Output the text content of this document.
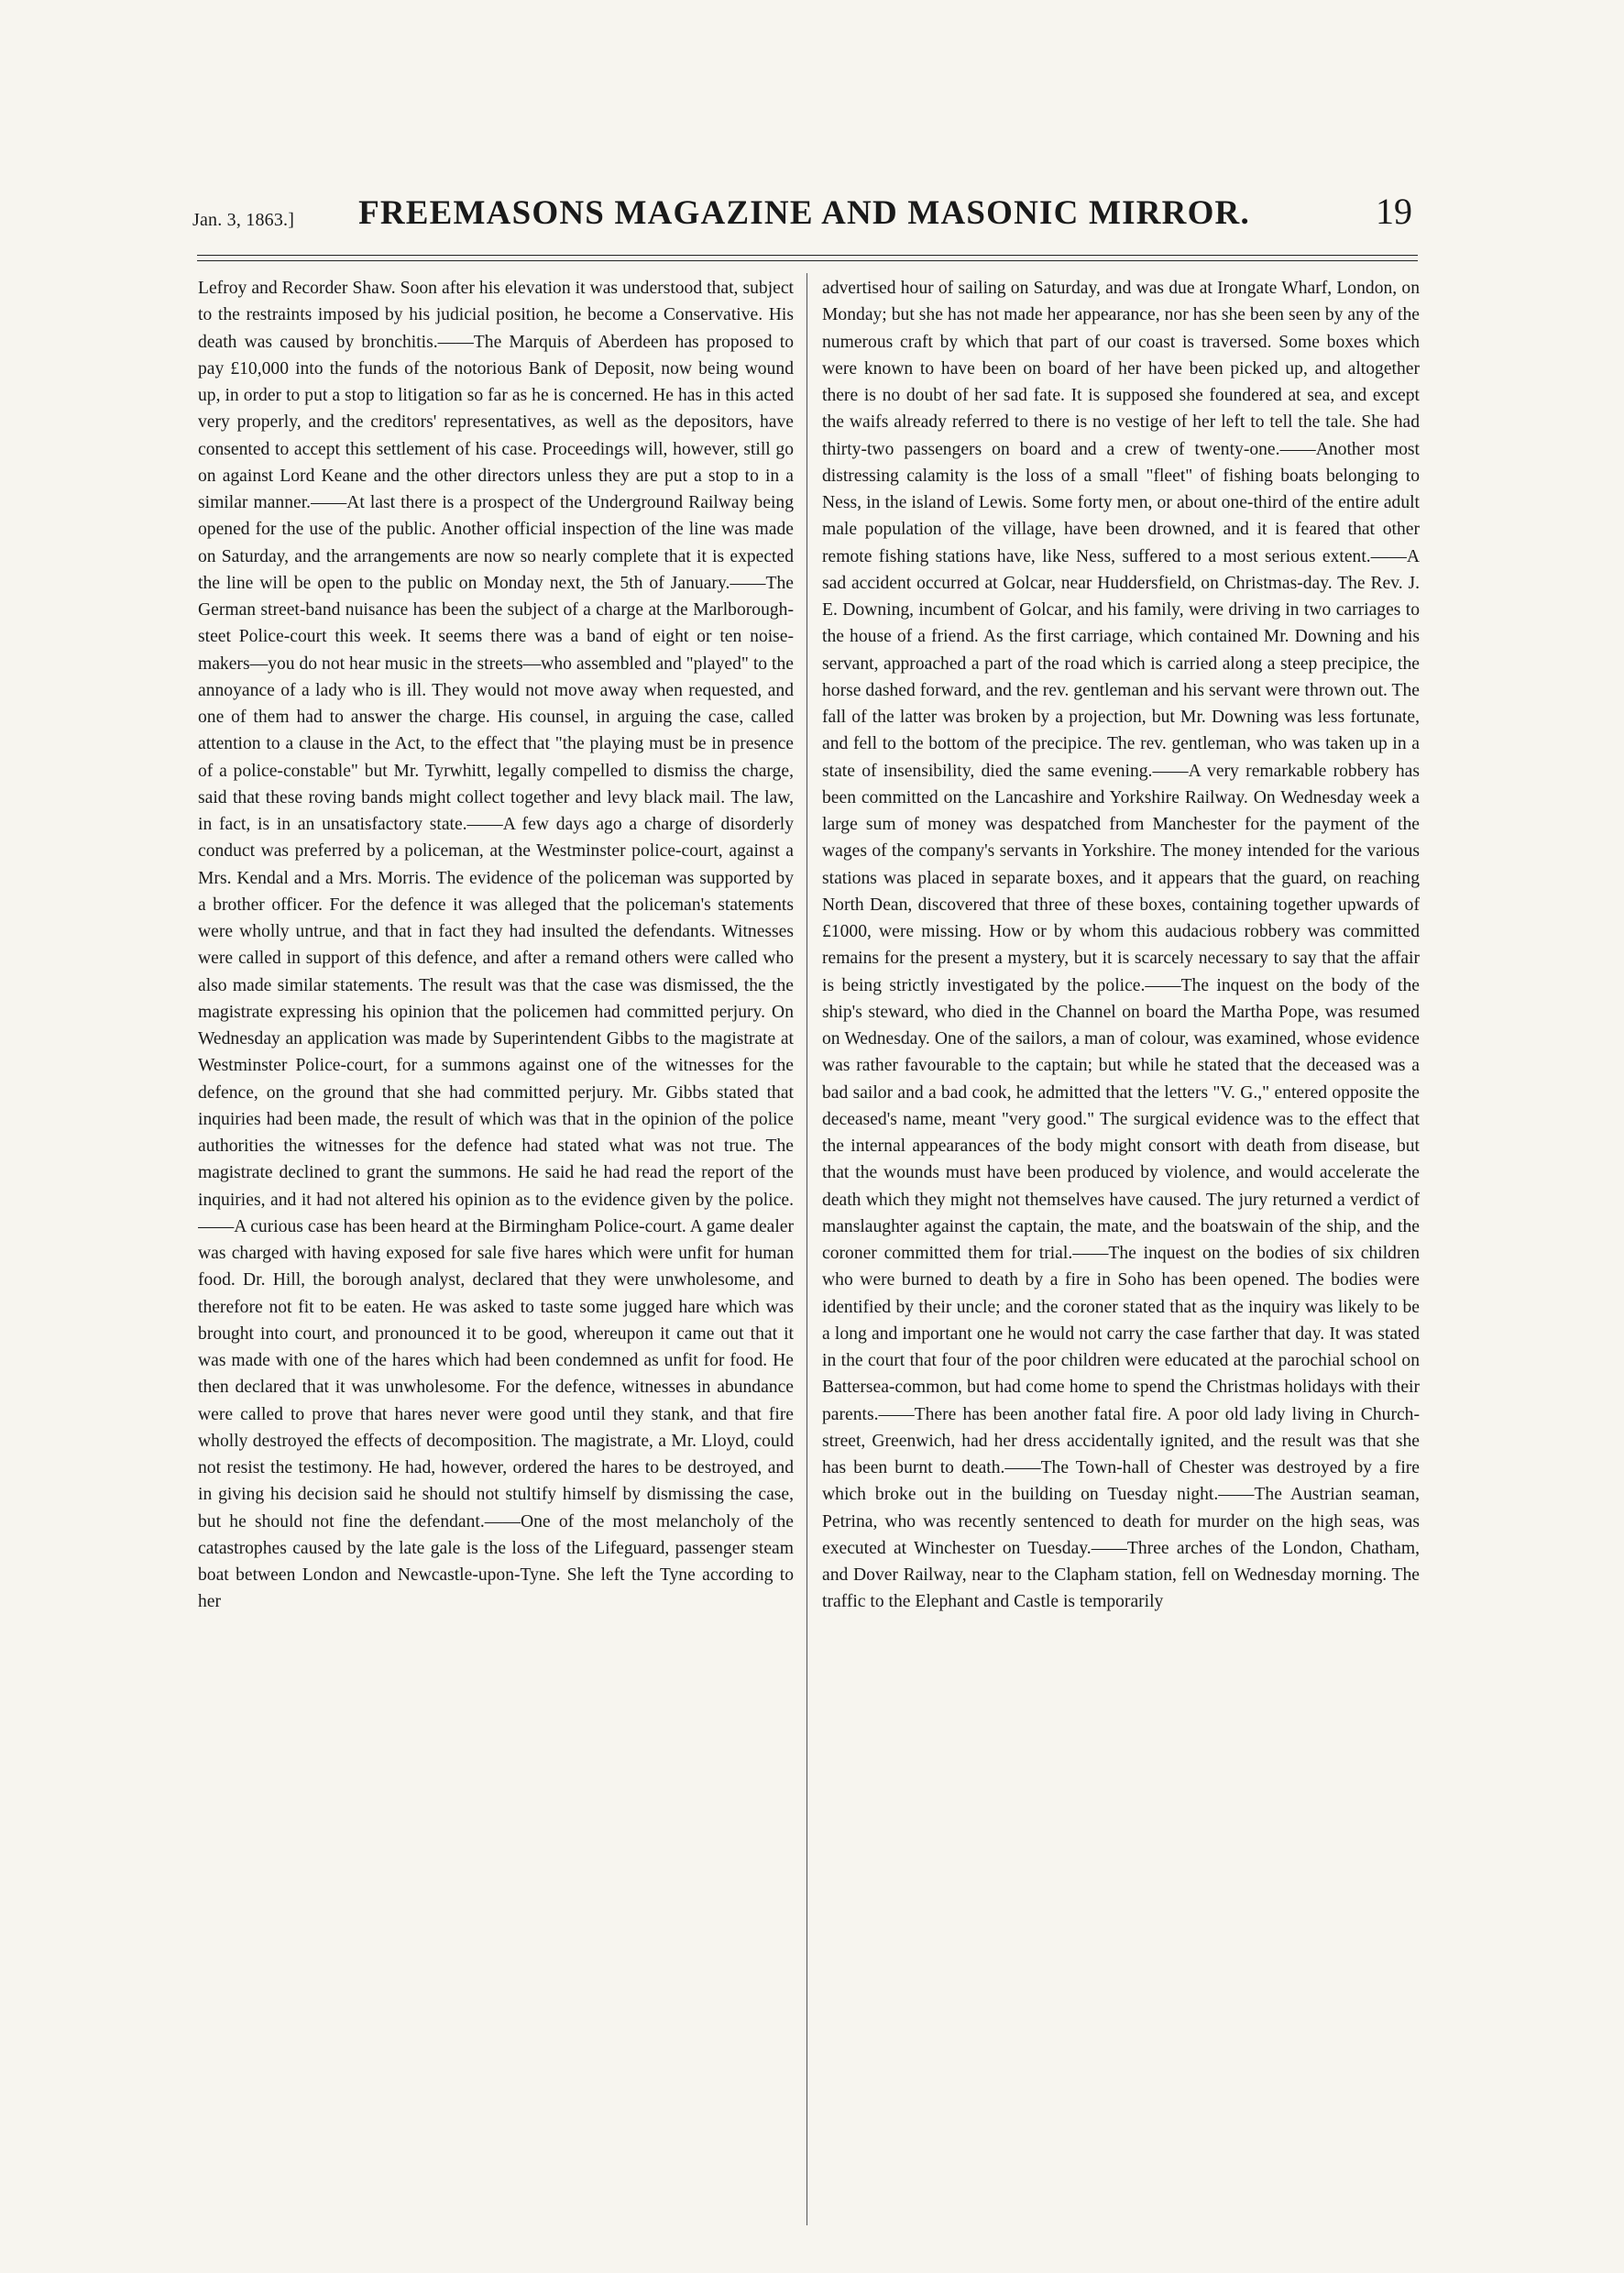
Jan. 3, 1863.]	FREEMASONS MAGAZINE AND MASONIC MIRROR.	19

Lefroy and Recorder Shaw. Soon after his elevation it was understood that, subject to the restraints imposed by his judicial position, he become a Conservative. His death was caused by bronchitis.——The Marquis of Aberdeen has proposed to pay £10,000 into the funds of the notorious Bank of Deposit, now being wound up, in order to put a stop to litigation so far as he is concerned. He has in this acted very properly, and the creditors' representatives, as well as the depositors, have consented to accept this settlement of his case. Proceedings will, however, still go on against Lord Keane and the other directors unless they are put a stop to in a similar manner.——At last there is a prospect of the Underground Railway being opened for the use of the public. Another official inspection of the line was made on Saturday, and the arrangements are now so nearly complete that it is expected the line will be open to the public on Monday next, the 5th of January.——The German street-band nuisance has been the subject of a charge at the Marlborough-steet Police-court this week. It seems there was a band of eight or ten noise-makers—you do not hear music in the streets—who assembled and "played" to the annoyance of a lady who is ill. They would not move away when requested, and one of them had to answer the charge. His counsel, in arguing the case, called attention to a clause in the Act, to the effect that "the playing must be in presence of a police-constable" but Mr. Tyrwhitt, legally compelled to dismiss the charge, said that these roving bands might collect together and levy black mail. The law, in fact, is in an unsatisfactory state.——A few days ago a charge of disorderly conduct was preferred by a policeman, at the Westminster police-court, against a Mrs. Kendal and a Mrs. Morris. The evidence of the policeman was supported by a brother officer. For the defence it was alleged that the policeman's statements were wholly untrue, and that in fact they had insulted the defendants. Witnesses were called in support of this defence, and after a remand others were called who also made similar statements. The result was that the case was dismissed, the the magistrate expressing his opinion that the policemen had committed perjury. On Wednesday an application was made by Superintendent Gibbs to the magistrate at Westminster Police-court, for a summons against one of the witnesses for the defence, on the ground that she had committed perjury. Mr. Gibbs stated that inquiries had been made, the result of which was that in the opinion of the police authorities the witnesses for the defence had stated what was not true. The magistrate declined to grant the summons. He said he had read the report of the inquiries, and it had not altered his opinion as to the evidence given by the police.——A curious case has been heard at the Birmingham Police-court. A game dealer was charged with having exposed for sale five hares which were unfit for human food. Dr. Hill, the borough analyst, declared that they were unwholesome, and therefore not fit to be eaten. He was asked to taste some jugged hare which was brought into court, and pronounced it to be good, whereupon it came out that it was made with one of the hares which had been condemned as unfit for food. He then declared that it was unwholesome. For the defence, witnesses in abundance were called to prove that hares never were good until they stank, and that fire wholly destroyed the effects of decomposition. The magistrate, a Mr. Lloyd, could not resist the testimony. He had, however, ordered the hares to be destroyed, and in giving his decision said he should not stultify himself by dismissing the case, but he should not fine the defendant.——One of the most melancholy of the catastrophes caused by the late gale is the loss of the Lifeguard, passenger steam boat between London and Newcastle-upon-Tyne. She left the Tyne according to her

advertised hour of sailing on Saturday, and was due at Irongate Wharf, London, on Monday; but she has not made her appearance, nor has she been seen by any of the numerous craft by which that part of our coast is traversed. Some boxes which were known to have been on board of her have been picked up, and altogether there is no doubt of her sad fate. It is supposed she foundered at sea, and except the waifs already referred to there is no vestige of her left to tell the tale. She had thirty-two passengers on board and a crew of twenty-one.——Another most distressing calamity is the loss of a small "fleet" of fishing boats belonging to Ness, in the island of Lewis. Some forty men, or about one-third of the entire adult male population of the village, have been drowned, and it is feared that other remote fishing stations have, like Ness, suffered to a most serious extent.——A sad accident occurred at Golcar, near Huddersfield, on Christmas-day. The Rev. J. E. Downing, incumbent of Golcar, and his family, were driving in two carriages to the house of a friend. As the first carriage, which contained Mr. Downing and his servant, approached a part of the road which is carried along a steep precipice, the horse dashed forward, and the rev. gentleman and his servant were thrown out. The fall of the latter was broken by a projection, but Mr. Downing was less fortunate, and fell to the bottom of the precipice. The rev. gentleman, who was taken up in a state of insensibility, died the same evening.——A very remarkable robbery has been committed on the Lancashire and Yorkshire Railway. On Wednesday week a large sum of money was despatched from Manchester for the payment of the wages of the company's servants in Yorkshire. The money intended for the various stations was placed in separate boxes, and it appears that the guard, on reaching North Dean, discovered that three of these boxes, containing together upwards of £1000, were missing. How or by whom this audacious robbery was committed remains for the present a mystery, but it is scarcely necessary to say that the affair is being strictly investigated by the police.——The inquest on the body of the ship's steward, who died in the Channel on board the Martha Pope, was resumed on Wednesday. One of the sailors, a man of colour, was examined, whose evidence was rather favourable to the captain; but while he stated that the deceased was a bad sailor and a bad cook, he admitted that the letters "V. G.," entered opposite the deceased's name, meant "very good." The surgical evidence was to the effect that the internal appearances of the body might consort with death from disease, but that the wounds must have been produced by violence, and would accelerate the death which they might not themselves have caused. The jury returned a verdict of manslaughter against the captain, the mate, and the boatswain of the ship, and the coroner committed them for trial.——The inquest on the bodies of six children who were burned to death by a fire in Soho has been opened. The bodies were identified by their uncle; and the coroner stated that as the inquiry was likely to be a long and important one he would not carry the case farther that day. It was stated in the court that four of the poor children were educated at the parochial school on Battersea-common, but had come home to spend the Christmas holidays with their parents.——There has been another fatal fire. A poor old lady living in Church-street, Greenwich, had her dress accidentally ignited, and the result was that she has been burnt to death.——The Town-hall of Chester was destroyed by a fire which broke out in the building on Tuesday night.——The Austrian seaman, Petrina, who was recently sentenced to death for murder on the high seas, was executed at Winchester on Tuesday.——Three arches of the London, Chatham, and Dover Railway, near to the Clapham station, fell on Wednesday morning. The traffic to the Elephant and Castle is temporarily
